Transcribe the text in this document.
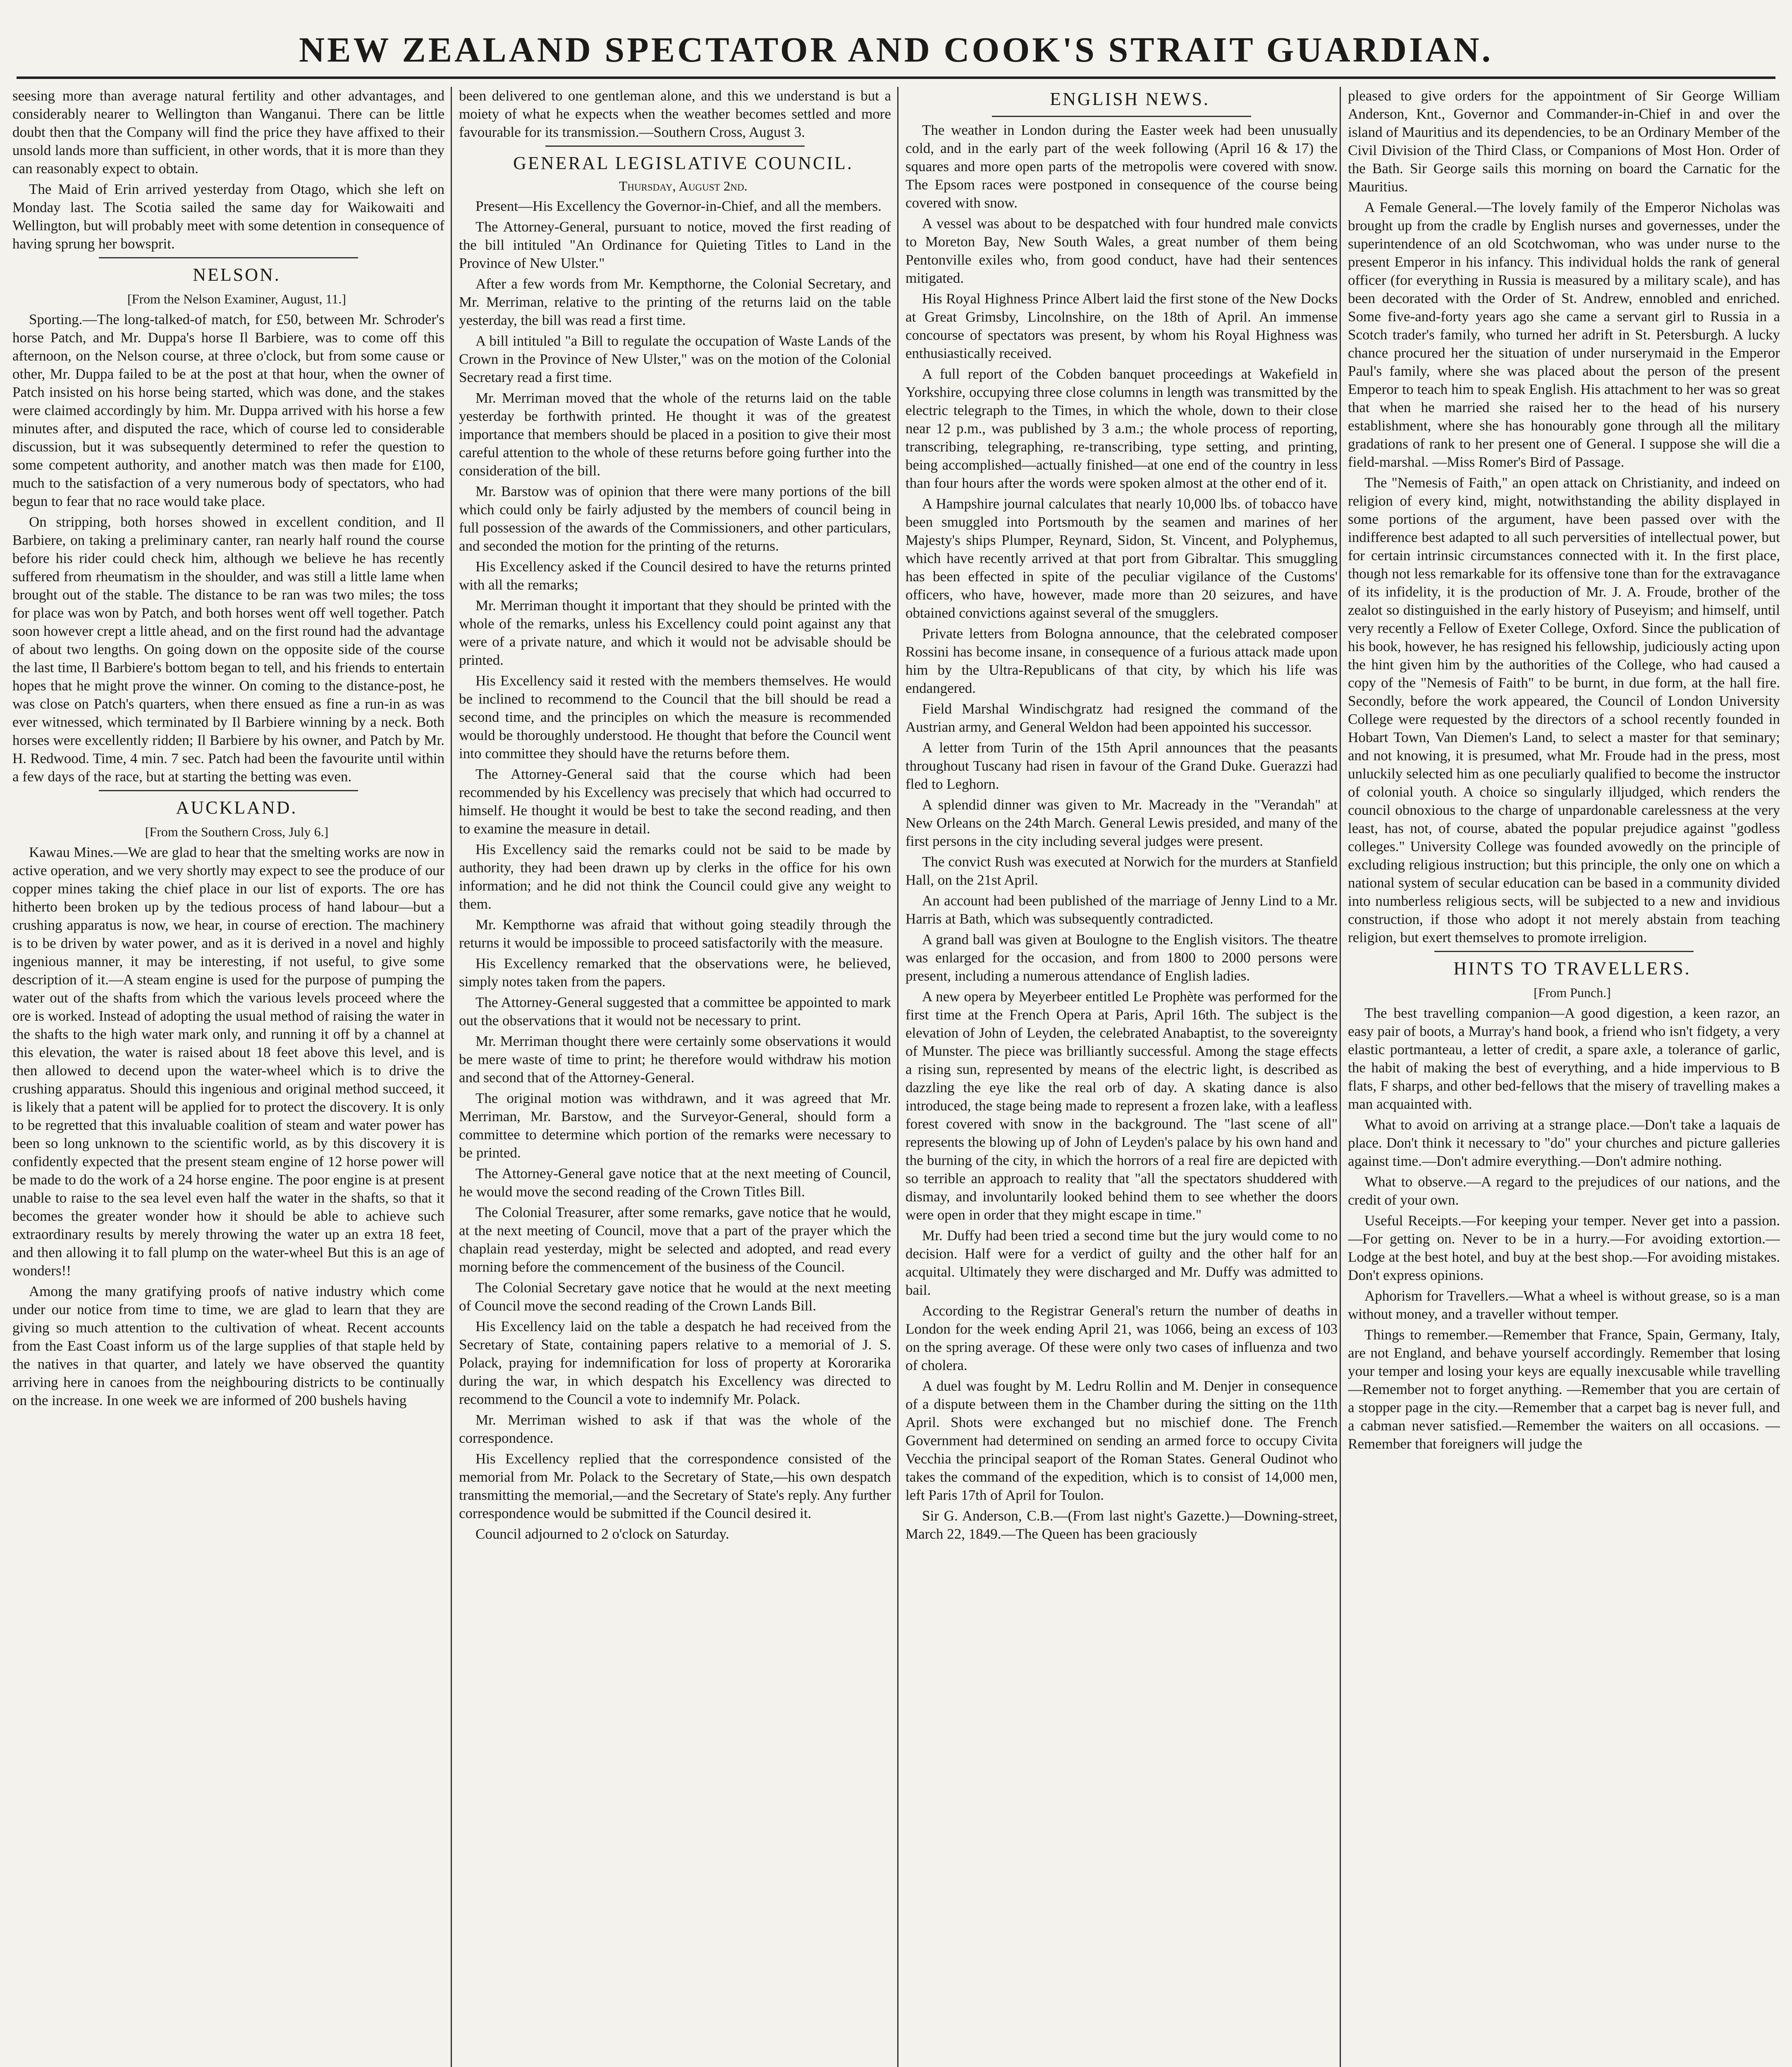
NEW ZEALAND SPECTATOR AND COOK'S STRAIT GUARDIAN.

seesing more than average natural fertility and other advantages, and considerably nearer to Wellington than Wanganui. There can be little doubt then that the Company will find the price they have affixed to their unsold lands more than sufficient, in other words, that it is more than they can reasonably expect to obtain.

The Maid of Erin arrived yesterday from Otago, which she left on Monday last. The Scotia sailed the same day for Waikowaiti and Wellington, but will probably meet with some detention in consequence of having sprung her bowsprit.

NELSON.

[From the Nelson Examiner, August, 11.]

Sporting.—The long-talked-of match, for £50, between Mr. Schroder's horse Patch, and Mr. Duppa's horse Il Barbiere, was to come off this afternoon, on the Nelson course, at three o'clock, but from some cause or other, Mr. Duppa failed to be at the post at that hour, when the owner of Patch insisted on his horse being started, which was done, and the stakes were claimed accordingly by him. Mr. Duppa arrived with his horse a few minutes after, and disputed the race, which of course led to considerable discussion, but it was subsequently determined to refer the question to some competent authority, and another match was then made for £100, much to the satisfaction of a very numerous body of spectators, who had begun to fear that no race would take place.

On stripping, both horses showed in excellent condition, and Il Barbiere, on taking a preliminary canter, ran nearly half round the course before his rider could check him, although we believe he has recently suffered from rheumatism in the shoulder, and was still a little lame when brought out of the stable. The distance to be ran was two miles; the toss for place was won by Patch, and both horses went off well together. Patch soon however crept a little ahead, and on the first round had the advantage of about two lengths. On going down on the opposite side of the course the last time, Il Barbiere's bottom began to tell, and his friends to entertain hopes that he might prove the winner. On coming to the distance-post, he was close on Patch's quarters, when there ensued as fine a run-in as was ever witnessed, which terminated by Il Barbiere winning by a neck. Both horses were excellently ridden; Il Barbiere by his owner, and Patch by Mr. H. Redwood. Time, 4 min. 7 sec. Patch had been the favourite until within a few days of the race, but at starting the betting was even.

AUCKLAND.

[From the Southern Cross, July 6.]

Kawau Mines.—We are glad to hear that the smelting works are now in active operation, and we very shortly may expect to see the produce of our copper mines taking the chief place in our list of exports. The ore has hitherto been broken up by the tedious process of hand labour—but a crushing apparatus is now, we hear, in course of erection. The machinery is to be driven by water power, and as it is derived in a novel and highly ingenious manner, it may be interesting, if not useful, to give some description of it.—A steam engine is used for the purpose of pumping the water out of the shafts from which the various levels proceed where the ore is worked. Instead of adopting the usual method of raising the water in the shafts to the high water mark only, and running it off by a channel at this elevation, the water is raised about 18 feet above this level, and is then allowed to decend upon the water-wheel which is to drive the crushing apparatus. Should this ingenious and original method succeed, it is likely that a patent will be applied for to protect the discovery. It is only to be regretted that this invaluable coalition of steam and water power has been so long unknown to the scientific world, as by this discovery it is confidently expected that the present steam engine of 12 horse power will be made to do the work of a 24 horse engine. The poor engine is at present unable to raise to the sea level even half the water in the shafts, so that it becomes the greater wonder how it should be able to achieve such extraordinary results by merely throwing the water up an extra 18 feet, and then allowing it to fall plump on the water-wheel But this is an age of wonders!!

Among the many gratifying proofs of native industry which come under our notice from time to time, we are glad to learn that they are giving so much attention to the cultivation of wheat. Recent accounts from the East Coast inform us of the large supplies of that staple held by the natives in that quarter, and lately we have observed the quantity arriving here in canoes from the neighbouring districts to be continually on the increase. In one week we are informed of 200 bushels having

been delivered to one gentleman alone, and this we understand is but a moiety of what he expects when the weather becomes settled and more favourable for its transmission.—Southern Cross, August 3.

GENERAL LEGISLATIVE COUNCIL.

Thursday, August 2nd.

Present—His Excellency the Governor-in-Chief, and all the members.

The Attorney-General, pursuant to notice, moved the first reading of the bill intituled "An Ordinance for Quieting Titles to Land in the Province of New Ulster."

After a few words from Mr. Kempthorne, the Colonial Secretary, and Mr. Merriman, relative to the printing of the returns laid on the table yesterday, the bill was read a first time.

A bill intituled "a Bill to regulate the occupation of Waste Lands of the Crown in the Province of New Ulster," was on the motion of the Colonial Secretary read a first time.

Mr. Merriman moved that the whole of the returns laid on the table yesterday be forthwith printed. He thought it was of the greatest importance that members should be placed in a position to give their most careful attention to the whole of these returns before going further into the consideration of the bill.

Mr. Barstow was of opinion that there were many portions of the bill which could only be fairly adjusted by the members of council being in full possession of the awards of the Commissioners, and other particulars, and seconded the motion for the printing of the returns.

His Excellency asked if the Council desired to have the returns printed with all the remarks;

Mr. Merriman thought it important that they should be printed with the whole of the remarks, unless his Excellency could point against any that were of a private nature, and which it would not be advisable should be printed.

His Excellency said it rested with the members themselves. He would be inclined to recommend to the Council that the bill should be read a second time, and the principles on which the measure is recommended would be thoroughly understood. He thought that before the Council went into committee they should have the returns before them.

The Attorney-General said that the course which had been recommended by his Excellency was precisely that which had occurred to himself. He thought it would be best to take the second reading, and then to examine the measure in detail.

His Excellency said the remarks could not be said to be made by authority, they had been drawn up by clerks in the office for his own information; and he did not think the Council could give any weight to them.

Mr. Kempthorne was afraid that without going steadily through the returns it would be impossible to proceed satisfactorily with the measure.

His Excellency remarked that the observations were, he believed, simply notes taken from the papers.

The Attorney-General suggested that a committee be appointed to mark out the observations that it would not be necessary to print.

Mr. Merriman thought there were certainly some observations it would be mere waste of time to print; he therefore would withdraw his motion and second that of the Attorney-General.

The original motion was withdrawn, and it was agreed that Mr. Merriman, Mr. Barstow, and the Surveyor-General, should form a committee to determine which portion of the remarks were necessary to be printed.

The Attorney-General gave notice that at the next meeting of Council, he would move the second reading of the Crown Titles Bill.

The Colonial Treasurer, after some remarks, gave notice that he would, at the next meeting of Council, move that a part of the prayer which the chaplain read yesterday, might be selected and adopted, and read every morning before the commencement of the business of the Council.

The Colonial Secretary gave notice that he would at the next meeting of Council move the second reading of the Crown Lands Bill.

His Excellency laid on the table a despatch he had received from the Secretary of State, containing papers relative to a memorial of J. S. Polack, praying for indemnification for loss of property at Kororarika during the war, in which despatch his Excellency was directed to recommend to the Council a vote to indemnify Mr. Polack.

Mr. Merriman wished to ask if that was the whole of the correspondence.

His Excellency replied that the correspondence consisted of the memorial from Mr. Polack to the Secretary of State,—his own despatch transmitting the memorial,—and the Secretary of State's reply. Any further correspondence would be submitted if the Council desired it.

Council adjourned to 2 o'clock on Saturday.

ENGLISH NEWS.

The weather in London during the Easter week had been unusually cold, and in the early part of the week following (April 16 & 17) the squares and more open parts of the metropolis were covered with snow. The Epsom races were postponed in consequence of the course being covered with snow.

A vessel was about to be despatched with four hundred male convicts to Moreton Bay, New South Wales, a great number of them being Pentonville exiles who, from good conduct, have had their sentences mitigated.

His Royal Highness Prince Albert laid the first stone of the New Docks at Great Grimsby, Lincolnshire, on the 18th of April. An immense concourse of spectators was present, by whom his Royal Highness was enthusiastically received.

A full report of the Cobden banquet proceedings at Wakefield in Yorkshire, occupying three close columns in length was transmitted by the electric telegraph to the Times, in which the whole, down to their close near 12 p.m., was published by 3 a.m.; the whole process of reporting, transcribing, telegraphing, re-transcribing, type setting, and printing, being accomplished—actually finished—at one end of the country in less than four hours after the words were spoken almost at the other end of it.

A Hampshire journal calculates that nearly 10,000 lbs. of tobacco have been smuggled into Portsmouth by the seamen and marines of her Majesty's ships Plumper, Reynard, Sidon, St. Vincent, and Polyphemus, which have recently arrived at that port from Gibraltar. This smuggling has been effected in spite of the peculiar vigilance of the Customs' officers, who have, however, made more than 20 seizures, and have obtained convictions against several of the smugglers.

Private letters from Bologna announce, that the celebrated composer Rossini has become insane, in consequence of a furious attack made upon him by the Ultra-Republicans of that city, by which his life was endangered.

Field Marshal Windischgratz had resigned the command of the Austrian army, and General Weldon had been appointed his successor.

A letter from Turin of the 15th April announces that the peasants throughout Tuscany had risen in favour of the Grand Duke. Guerazzi had fled to Leghorn.

A splendid dinner was given to Mr. Macready in the "Verandah" at New Orleans on the 24th March. General Lewis presided, and many of the first persons in the city including several judges were present.

The convict Rush was executed at Norwich for the murders at Stanfield Hall, on the 21st April.

An account had been published of the marriage of Jenny Lind to a Mr. Harris at Bath, which was subsequently contradicted.

A grand ball was given at Boulogne to the English visitors. The theatre was enlarged for the occasion, and from 1800 to 2000 persons were present, including a numerous attendance of English ladies.

A new opera by Meyerbeer entitled Le Prophète was performed for the first time at the French Opera at Paris, April 16th. The subject is the elevation of John of Leyden, the celebrated Anabaptist, to the sovereignty of Munster. The piece was brilliantly successful. Among the stage effects a rising sun, represented by means of the electric light, is described as dazzling the eye like the real orb of day. A skating dance is also introduced, the stage being made to represent a frozen lake, with a leafless forest covered with snow in the background. The "last scene of all" represents the blowing up of John of Leyden's palace by his own hand and the burning of the city, in which the horrors of a real fire are depicted with so terrible an approach to reality that "all the spectators shuddered with dismay, and involuntarily looked behind them to see whether the doors were open in order that they might escape in time."

Mr. Duffy had been tried a second time but the jury would come to no decision. Half were for a verdict of guilty and the other half for an acquital. Ultimately they were discharged and Mr. Duffy was admitted to bail.

According to the Registrar General's return the number of deaths in London for the week ending April 21, was 1066, being an excess of 103 on the spring average. Of these were only two cases of influenza and two of cholera.

A duel was fought by M. Ledru Rollin and M. Denjer in consequence of a dispute between them in the Chamber during the sitting on the 11th April. Shots were exchanged but no mischief done. The French Government had determined on sending an armed force to occupy Civita Vecchia the principal seaport of the Roman States. General Oudinot who takes the command of the expedition, which is to consist of 14,000 men, left Paris 17th of April for Toulon.

Sir G. Anderson, C.B.—(From last night's Gazette.)—Downing-street, March 22, 1849.—The Queen has been graciously

pleased to give orders for the appointment of Sir George William Anderson, Knt., Governor and Commander-in-Chief in and over the island of Mauritius and its dependencies, to be an Ordinary Member of the Civil Division of the Third Class, or Companions of Most Hon. Order of the Bath. Sir George sails this morning on board the Carnatic for the Mauritius.

A Female General.—The lovely family of the Emperor Nicholas was brought up from the cradle by English nurses and governesses, under the superintendence of an old Scotchwoman, who was under nurse to the present Emperor in his infancy. This individual holds the rank of general officer (for everything in Russia is measured by a military scale), and has been decorated with the Order of St. Andrew, ennobled and enriched. Some five-and-forty years ago she came a servant girl to Russia in a Scotch trader's family, who turned her adrift in St. Petersburgh. A lucky chance procured her the situation of under nurserymaid in the Emperor Paul's family, where she was placed about the person of the present Emperor to teach him to speak English. His attachment to her was so great that when he married she raised her to the head of his nursery establishment, where she has honourably gone through all the military gradations of rank to her present one of General. I suppose she will die a field-marshal. —Miss Romer's Bird of Passage.

The "Nemesis of Faith," an open attack on Christianity, and indeed on religion of every kind, might, notwithstanding the ability displayed in some portions of the argument, have been passed over with the indifference best adapted to all such perversities of intellectual power, but for certain intrinsic circumstances connected with it. In the first place, though not less remarkable for its offensive tone than for the extravagance of its infidelity, it is the production of Mr. J. A. Froude, brother of the zealot so distinguished in the early history of Puseyism; and himself, until very recently a Fellow of Exeter College, Oxford. Since the publication of his book, however, he has resigned his fellowship, judiciously acting upon the hint given him by the authorities of the College, who had caused a copy of the "Nemesis of Faith" to be burnt, in due form, at the hall fire. Secondly, before the work appeared, the Council of London University College were requested by the directors of a school recently founded in Hobart Town, Van Diemen's Land, to select a master for that seminary; and not knowing, it is presumed, what Mr. Froude had in the press, most unluckily selected him as one peculiarly qualified to become the instructor of colonial youth. A choice so singularly illjudged, which renders the council obnoxious to the charge of unpardonable carelessness at the very least, has not, of course, abated the popular prejudice against "godless colleges." University College was founded avowedly on the principle of excluding religious instruction; but this principle, the only one on which a national system of secular education can be based in a community divided into numberless religious sects, will be subjected to a new and invidious construction, if those who adopt it not merely abstain from teaching religion, but exert themselves to promote irreligion.

HINTS TO TRAVELLERS.

[From Punch.]

The best travelling companion—A good digestion, a keen razor, an easy pair of boots, a Murray's hand book, a friend who isn't fidgety, a very elastic portmanteau, a letter of credit, a spare axle, a tolerance of garlic, the habit of making the best of everything, and a hide impervious to B flats, F sharps, and other bed-fellows that the misery of travelling makes a man acquainted with.

What to avoid on arriving at a strange place.—Don't take a laquais de place. Don't think it necessary to "do" your churches and picture galleries against time.—Don't admire everything.—Don't admire nothing.

What to observe.—A regard to the prejudices of our nations, and the credit of your own.

Useful Receipts.—For keeping your temper. Never get into a passion.—For getting on. Never to be in a hurry.—For avoiding extortion.—Lodge at the best hotel, and buy at the best shop.—For avoiding mistakes. Don't express opinions.

Aphorism for Travellers.—What a wheel is without grease, so is a man without money, and a traveller without temper.

Things to remember.—Remember that France, Spain, Germany, Italy, are not England, and behave yourself accordingly. Remember that losing your temper and losing your keys are equally inexcusable while travelling—Remember not to forget anything. —Remember that you are certain of a stopper page in the city.—Remember that a carpet bag is never full, and a cabman never satisfied.—Remember the waiters on all occasions. —Remember that foreigners will judge the
